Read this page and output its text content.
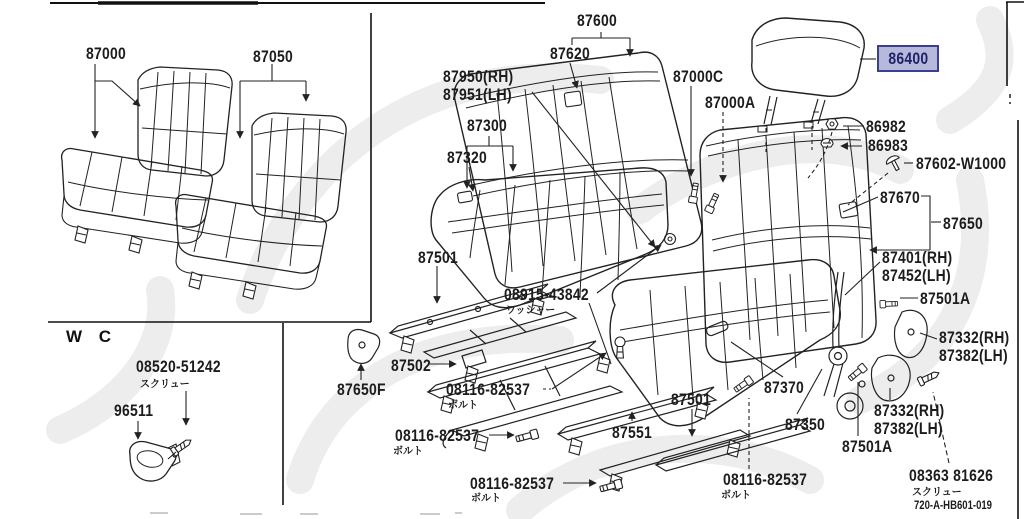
87000	87050
W C
08520-51242
スクリュー
96511
87600
87620
87950(RH)
87951(LH)
87300
87320
87000C
87000A
86400
86982
86983
87602-W1000
87670
87650
87401(RH)
87452(LH)
87501A
87332(RH)
87382(LH)
87332(RH)
87382(LH)
87501A
08363 81626
スクリュー
720-A-HB601-019
87501
08915-43842
ワッシャー
87502
87650F	08116-82537
ボルト
08116-82537
ボルト
08116-82537
ボルト
08116-82537
ボルト
87551
87501
87370
87350
